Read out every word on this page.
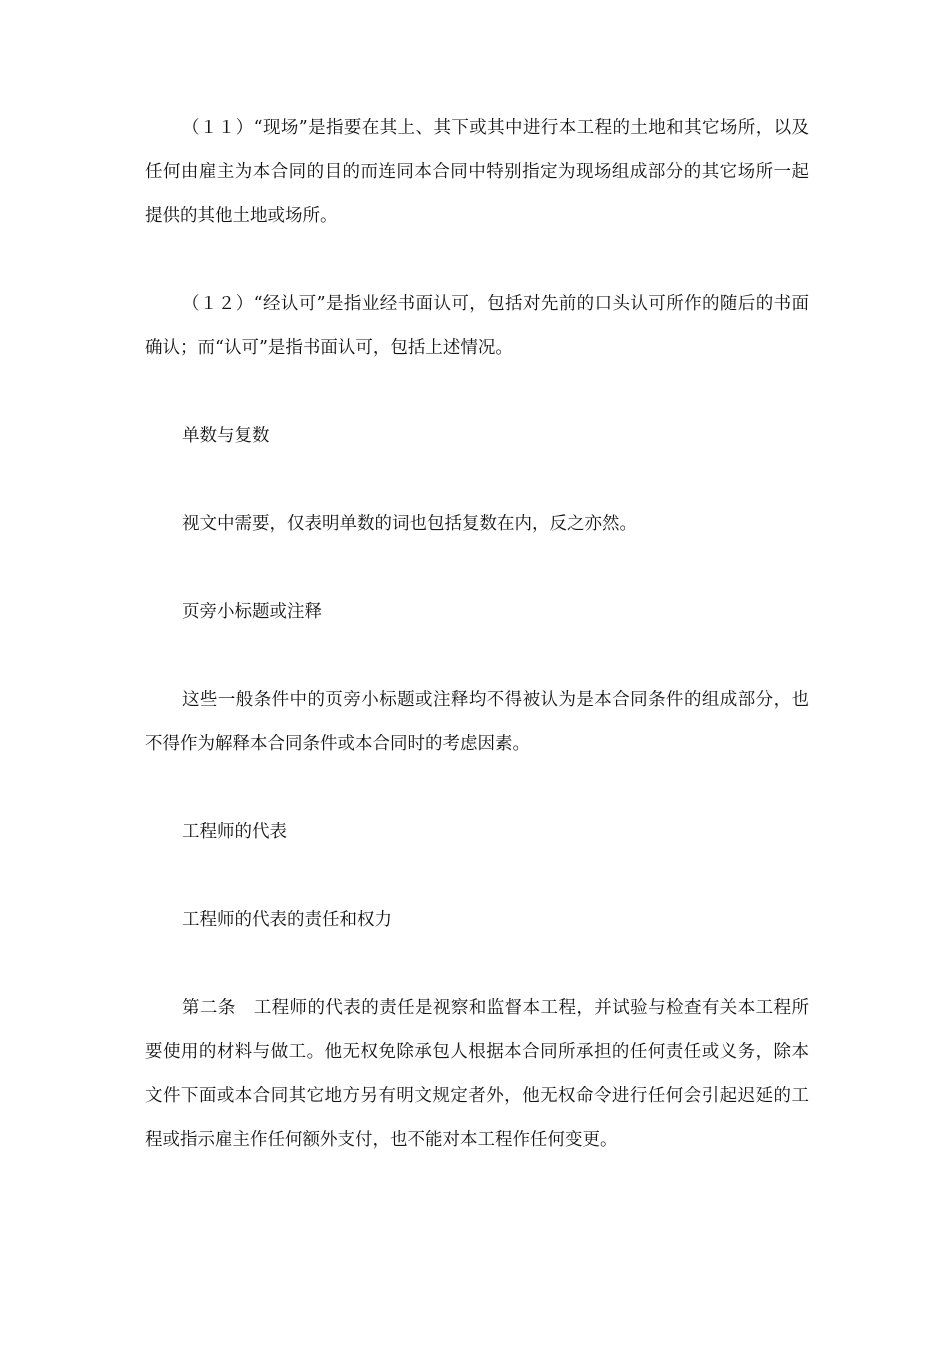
（１１）“现场”是指要在其上、其下或其中进行本工程的土地和其它场所，以及任何由雇主为本合同的目的而连同本合同中特别指定为现场组成部分的其它场所一起提供的其他土地或场所。

（１２）“经认可”是指业经书面认可，包括对先前的口头认可所作的随后的书面确认；而“认可”是指书面认可，包括上述情况。

单数与复数

视文中需要，仅表明单数的词也包括复数在内，反之亦然。

页旁小标题或注释

这些一般条件中的页旁小标题或注释均不得被认为是本合同条件的组成部分，也不得作为解释本合同条件或本合同时的考虑因素。

工程师的代表

工程师的代表的责任和权力

第二条　工程师的代表的责任是视察和监督本工程，并试验与检查有关本工程所要使用的材料与做工。他无权免除承包人根据本合同所承担的任何责任或义务，除本文件下面或本合同其它地方另有明文规定者外，他无权命令进行任何会引起迟延的工程或指示雇主作任何额外支付，也不能对本工程作任何变更。
